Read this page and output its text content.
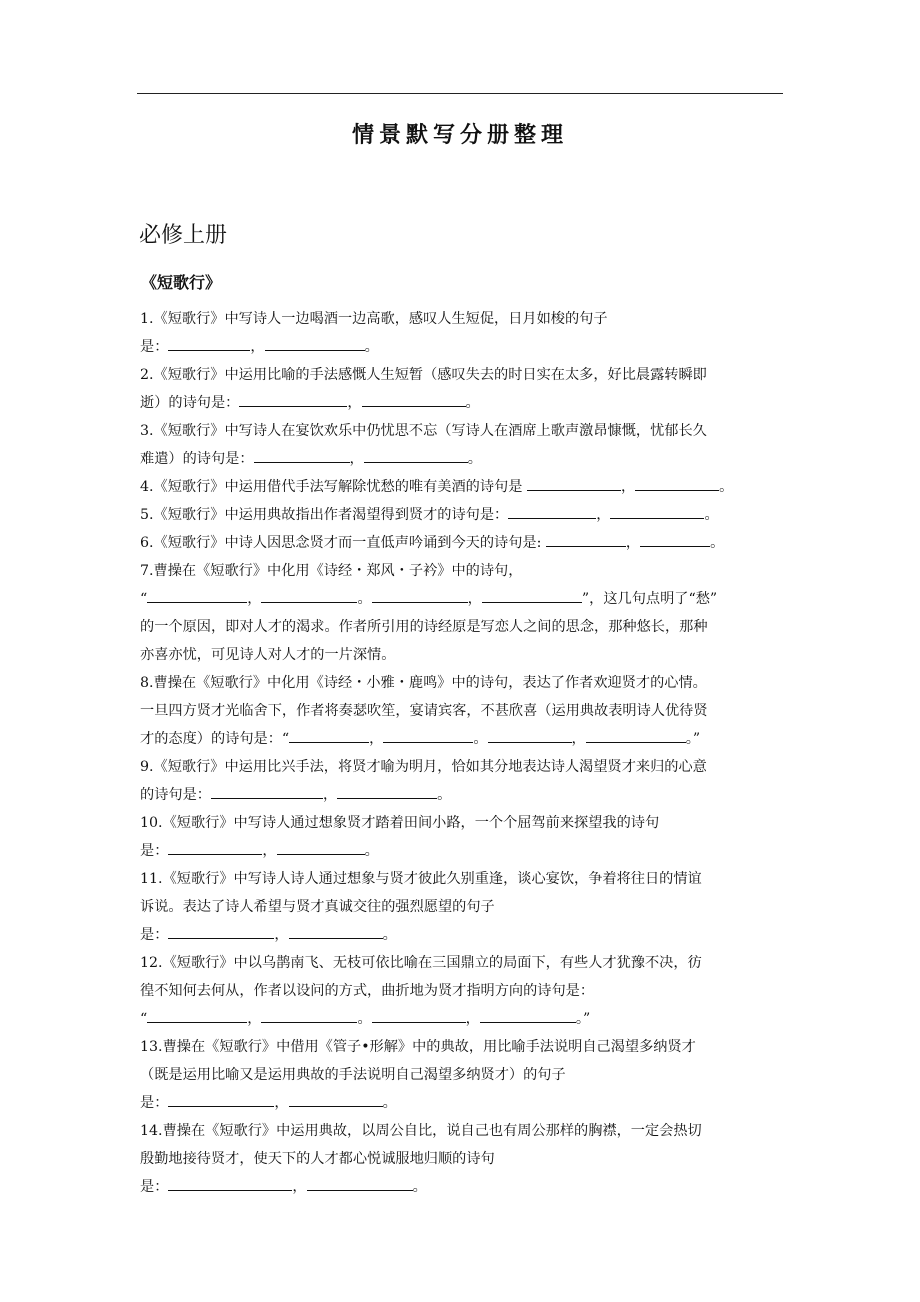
情景默写分册整理
必修上册
《短歌行》
1.《短歌行》中写诗人一边喝酒一边高歌，感叹人生短促，日月如梭的句子
是：	，	。
2.《短歌行》中运用比喻的手法感慨人生短暂（感叹失去的时日实在太多，好比晨露转瞬即
逝）的诗句是：	，	。
3.《短歌行》中写诗人在宴饮欢乐中仍忧思不忘（写诗人在酒席上歌声激昂慷慨，忧郁长久
难遣）的诗句是：	，	。
4.《短歌行》中运用借代手法写解除忧愁的唯有美酒的诗句是	，	。
5.《短歌行》中运用典故指出作者渴望得到贤才的诗句是：	，	。
6.《短歌行》中诗人因思念贤才而一直低声吟诵到今天的诗句是:	，	。
7.曹操在《短歌行》中化用《诗经・郑风・子衿》中的诗句，
“	，	。	，	”，这几句点明了“愁”
的一个原因，即对人才的渴求。作者所引用的诗经原是写恋人之间的思念，那种悠长，那种
亦喜亦忧，可见诗人对人才的一片深情。
8.曹操在《短歌行》中化用《诗经・小雅・鹿鸣》中的诗句，表达了作者欢迎贤才的心情。
一旦四方贤才光临舍下，作者将奏瑟吹笙，宴请宾客，不甚欣喜（运用典故表明诗人优待贤
才的态度）的诗句是：“	，	。	，	。”
9.《短歌行》中运用比兴手法，将贤才喻为明月，恰如其分地表达诗人渴望贤才来归的心意
的诗句是：	，	。
10.《短歌行》中写诗人通过想象贤才踏着田间小路，一个个屈驾前来探望我的诗句
是：	，	。
11.《短歌行》中写诗人诗人通过想象与贤才彼此久别重逢，谈心宴饮，争着将往日的情谊
诉说。表达了诗人希望与贤才真诚交往的强烈愿望的句子
是：	，	。
12.《短歌行》中以乌鹊南飞、无枝可依比喻在三国鼎立的局面下，有些人才犹豫不决，彷
徨不知何去何从，作者以设问的方式，曲折地为贤才指明方向的诗句是：
“	，	。	，	。”
13.曹操在《短歌行》中借用《管子•形解》中的典故，用比喻手法说明自己渴望多纳贤才
（既是运用比喻又是运用典故的手法说明自己渴望多纳贤才）的句子
是：	，	。
14.曹操在《短歌行》中运用典故，以周公自比，说自己也有周公那样的胸襟，一定会热切
殷勤地接待贤才，使天下的人才都心悦诚服地归顺的诗句
是：	，	。
